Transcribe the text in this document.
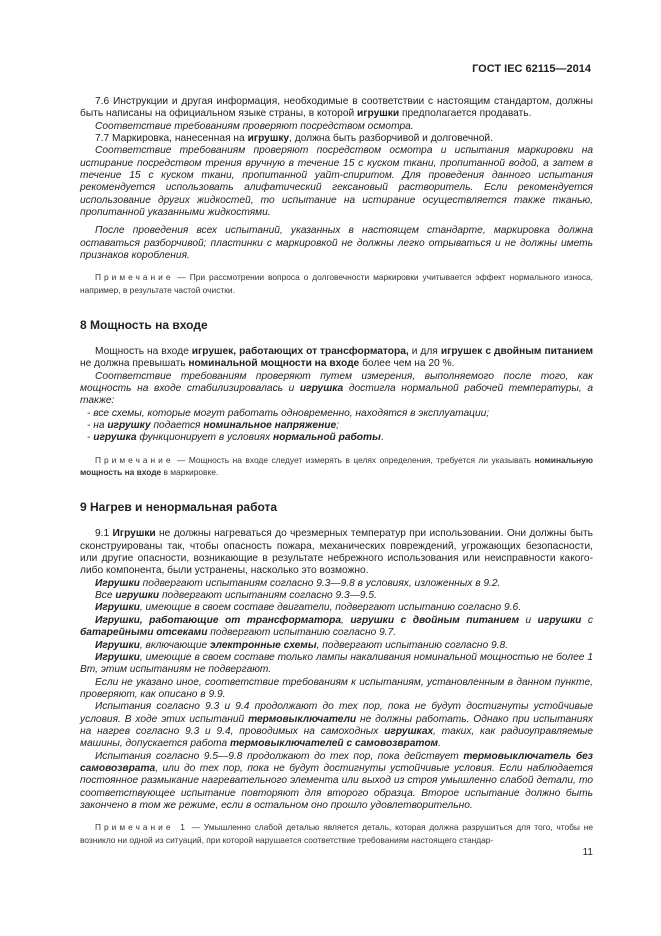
ГОСТ IEC 62115—2014

7.6 Инструкции и другая информация, необходимые в соответствии с настоящим стандартом, должны быть написаны на официальном языке страны, в которой игрушки предполагается продавать.

Соответствие требованиям проверяют посредством осмотра.

7.7 Маркировка, нанесенная на игрушку, должна быть разборчивой и долговечной.

Соответствие требованиям проверяют посредством осмотра и испытания маркировки на истирание посредством трения вручную в течение 15 с куском ткани, пропитанной водой, а затем в течение 15 с куском ткани, пропитанной уайт-спиритом. Для проведения данного испытания рекомендуется использовать алифатический гексановый растворитель. Если рекомендуется использование других жидкостей, то испытание на истирание осуществляется также тканью, пропитанной указанными жидкостями.

После проведения всех испытаний, указанных в настоящем стандарте, маркировка должна оставаться разборчивой; пластинки с маркировкой не должны легко отрываться и не должны иметь признаков коробления.

Примечание — При рассмотрении вопроса о долговечности маркировки учитывается эффект нормального износа, например, в результате частой очистки.

8 Мощность на входе

Мощность на входе игрушек, работающих от трансформатора, и для игрушек с двойным питанием не должна превышать номинальной мощности на входе более чем на 20 %.

Соответствие требованиям проверяют путем измерения, выполняемого после того, как мощность на входе стабилизировалась и игрушка достигла нормальной рабочей температуры, а также:

- все схемы, которые могут работать одновременно, находятся в эксплуатации;

- на игрушку подается номинальное напряжение;

- игрушка функционирует в условиях нормальной работы.

Примечание — Мощность на входе следует измерять в целях определения, требуется ли указывать номинальную мощность на входе в маркировке.

9 Нагрев и ненормальная работа

9.1 Игрушки не должны нагреваться до чрезмерных температур при использовании. Они должны быть сконструированы так, чтобы опасность пожара, механических повреждений, угрожающих безопасности, или другие опасности, возникающие в результате небрежного использования или неисправности какого-либо компонента, были устранены, насколько это возможно.

Игрушки подвергают испытаниям согласно 9.3—9.8 в условиях, изложенных в 9.2.

Все игрушки подвергают испытаниям согласно 9.3—9.5.

Игрушки, имеющие в своем составе двигатели, подвергают испытанию согласно 9.6.

Игрушки, работающие от трансформатора, игрушки с двойным питанием и игрушки с батарейными отсеками подвергают испытанию согласно 9.7.

Игрушки, включающие электронные схемы, подвергают испытанию согласно 9.8.

Игрушки, имеющие в своем составе только лампы накаливания номинальной мощностью не более 1 Вт, этим испытаниям не подвергают.

Если не указано иное, соответствие требованиям к испытаниям, установленным в данном пункте, проверяют, как описано в 9.9.

Испытания согласно 9.3 и 9.4 продолжают до тех пор, пока не будут достигнуты устойчивые условия. В ходе этих испытаний термовыключатели не должны работать. Однако при испытаниях на нагрев согласно 9.3 и 9.4, проводимых на самоходных игрушках, таких, как радиоуправляемые машины, допускается работа термовыключателей с самовозвратом.

Испытания согласно 9.5—9.8 продолжают до тех пор, пока действует термовыключатель без самовозврата, или до тех пор, пока не будут достигнуты устойчивые условия. Если наблюдается постоянное размыкание нагревательного элемента или выход из строя умышленно слабой детали, то соответствующее испытание повторяют для второго образца. Второе испытание должно быть закончено в том же режиме, если в остальном оно прошло удовлетворительно.

Примечание 1 — Умышленно слабой деталью является деталь, которая должна разрушиться для того, чтобы не возникло ни одной из ситуаций, при которой нарушается соответствие требованиям настоящего стандар-

11
